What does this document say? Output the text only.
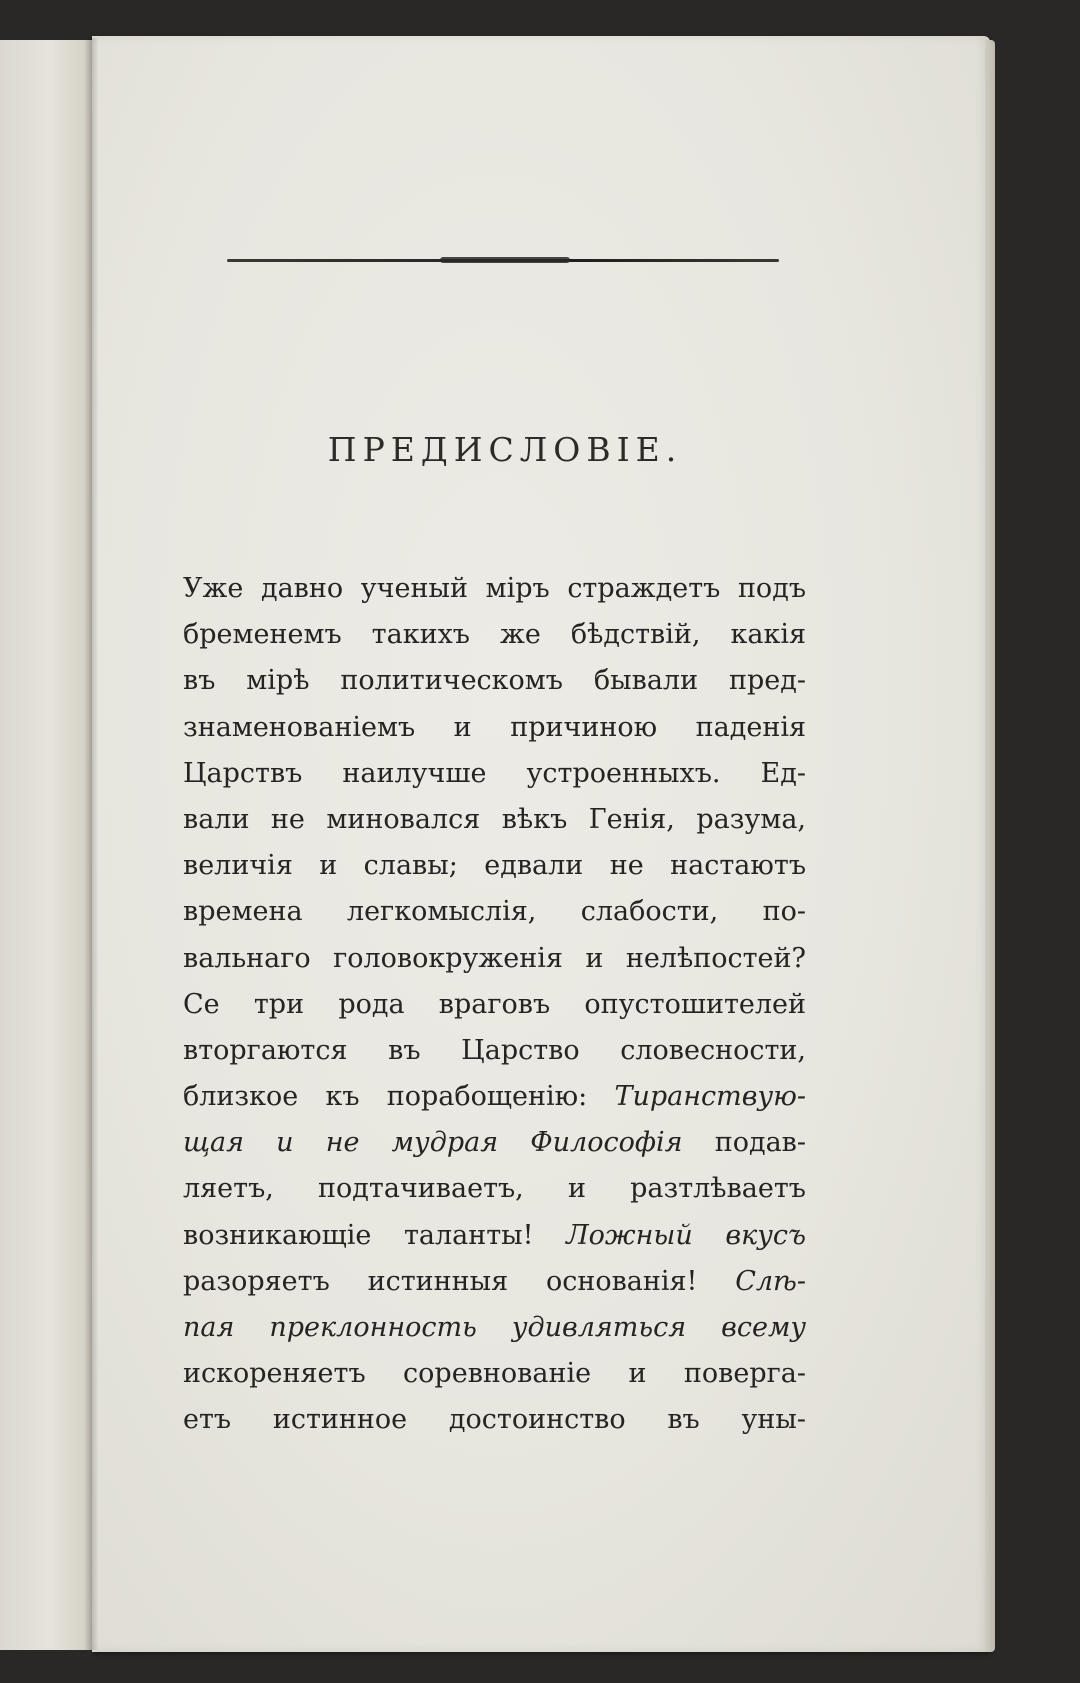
ПРЕДИСЛОВІЕ.
Уже давно ученый міръ страждетъ подъ
бременемъ такихъ же бѣдствій, какія
въ мірѣ политическомъ бывали пред-
знаменованіемъ и причиною паденія
Царствъ наилучше устроенныхъ. Ед-
вали не миновался вѣкъ Генія, разума,
величія и славы; едвали не настаютъ
времена легкомыслія, слабости, по-
вальнаго головокруженія и нелѣпостей?
Се три рода враговъ опустошителей
вторгаются въ Царство словесности,
близкое къ порабощенію: Тиранствую-
щая и не мудрая Философія подав-
ляетъ, подтачиваетъ, и разтлѣваетъ
возникающіе таланты! Ложный вкусъ
разоряетъ истинныя основанія! Слѣ-
пая преклонность удивляться всему
искореняетъ соревнованіе и поверга-
етъ истинное достоинство въ уны-
